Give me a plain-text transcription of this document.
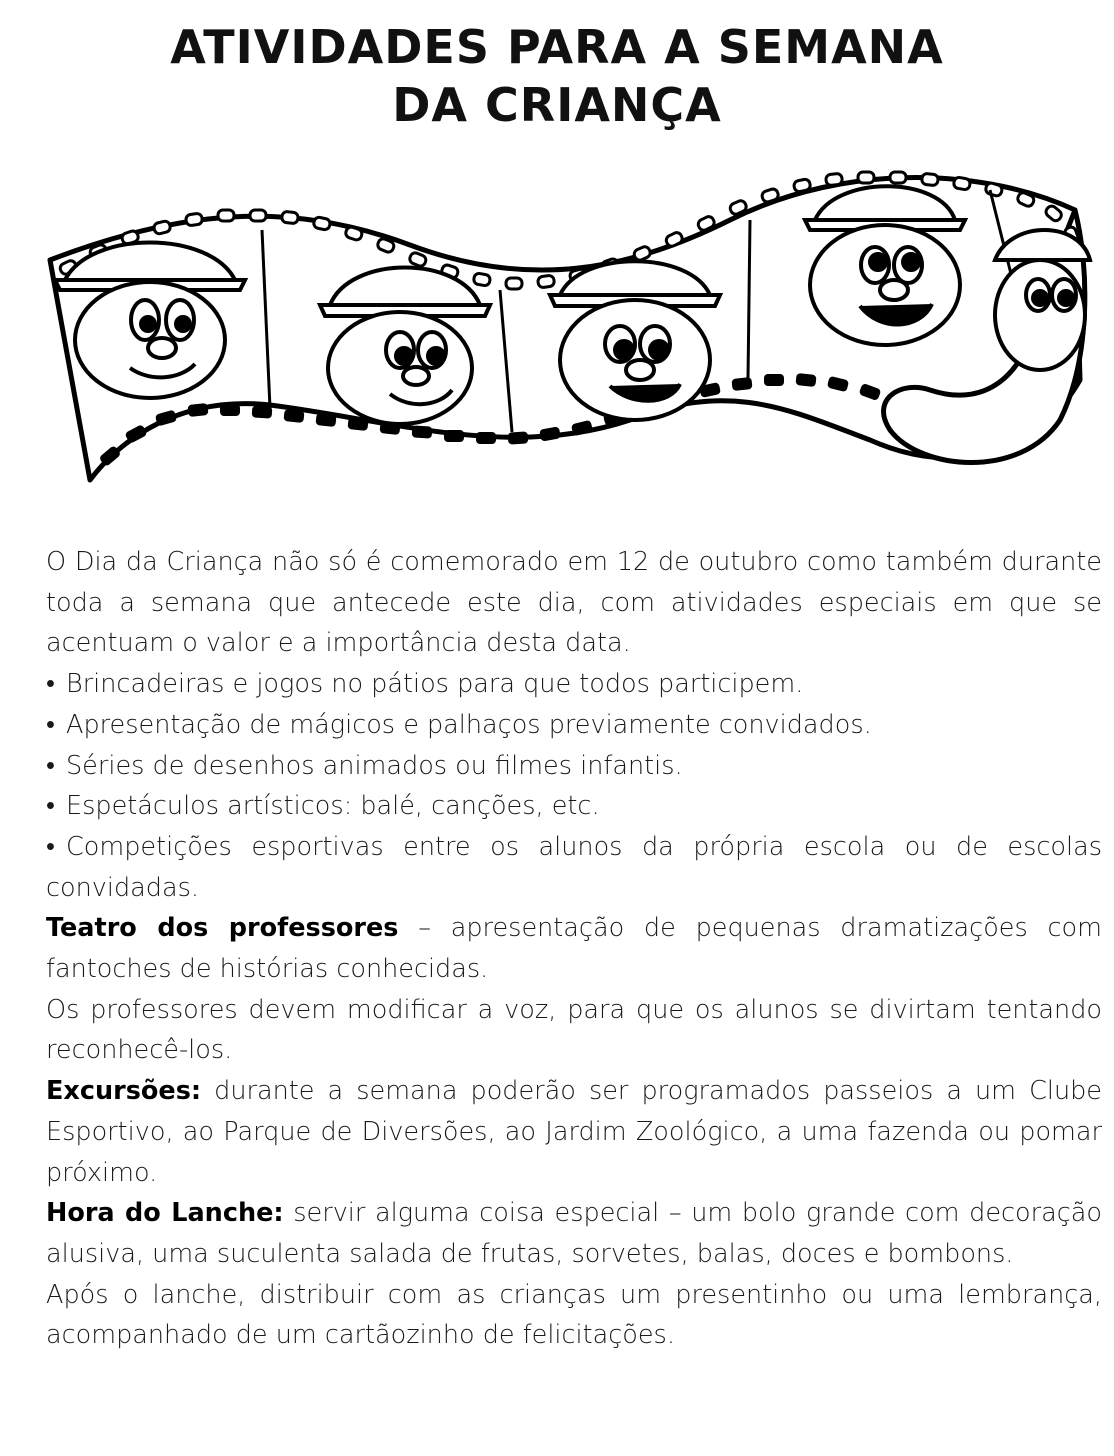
ATIVIDADES PARA A SEMANA
DA CRIANÇA

O Dia da Criança não só é comemorado em 12 de outubro como também durante toda a semana que antecede este dia, com atividades especiais em que se acentuam o valor e a importância desta data.

• Brincadeiras e jogos no pátios para que todos participem.

• Apresentação de mágicos e palhaços previamente convidados.

• Séries de desenhos animados ou filmes infantis.

• Espetáculos artísticos: balé, canções, etc.

• Competições esportivas entre os alunos da própria escola ou de escolas convidadas.

Teatro dos professores – apresentação de pequenas dramatizações com fantoches de histórias conhecidas.

Os professores devem modificar a voz, para que os alunos se divirtam tentando reconhecê-los.

Excursões: durante a semana poderão ser programados passeios a um Clube Esportivo, ao Parque de Diversões, ao Jardim Zoológico, a uma fazenda ou pomar próximo.

Hora do Lanche: servir alguma coisa especial – um bolo grande com decoração alusiva, uma suculenta salada de frutas, sorvetes, balas, doces e bombons.

Após o lanche, distribuir com as crianças um presentinho ou uma lembrança, acompanhado de um cartãozinho de felicitações.
